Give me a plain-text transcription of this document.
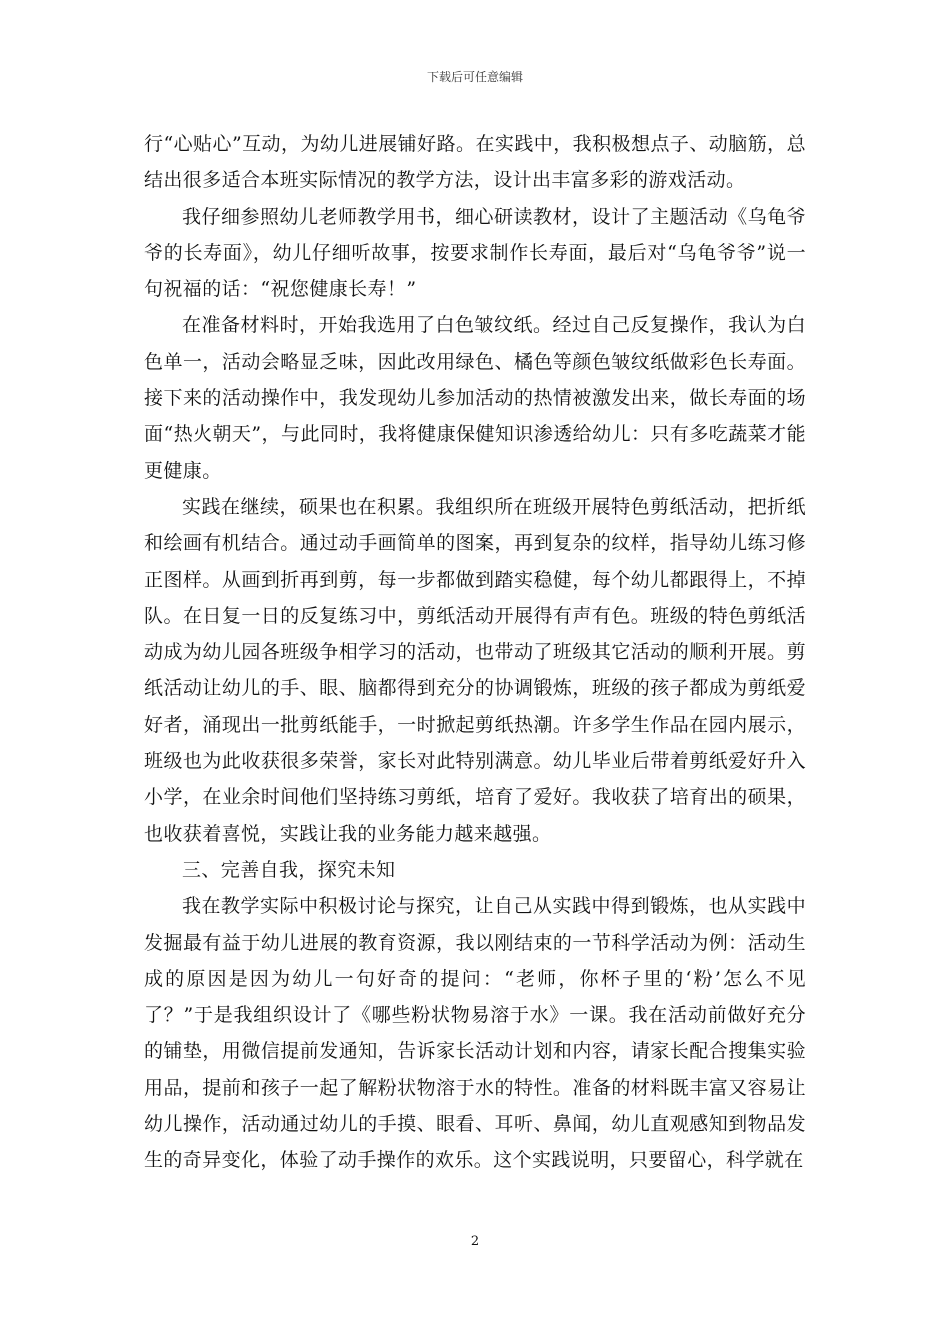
下载后可任意编辑

行“心贴心”互动，为幼儿进展铺好路。在实践中，我积极想点子、动脑筋，总结出很多适合本班实际情况的教学方法，设计出丰富多彩的游戏活动。

我仔细参照幼儿老师教学用书，细心研读教材，设计了主题活动《乌龟爷爷的长寿面》，幼儿仔细听故事，按要求制作长寿面，最后对“乌龟爷爷”说一句祝福的话：“祝您健康长寿！”

在准备材料时，开始我选用了白色皱纹纸。经过自己反复操作，我认为白色单一，活动会略显乏味，因此改用绿色、橘色等颜色皱纹纸做彩色长寿面。接下来的活动操作中，我发现幼儿参加活动的热情被激发出来，做长寿面的场面“热火朝天”，与此同时，我将健康保健知识渗透给幼儿：只有多吃蔬菜才能更健康。

实践在继续，硕果也在积累。我组织所在班级开展特色剪纸活动，把折纸和绘画有机结合。通过动手画简单的图案，再到复杂的纹样，指导幼儿练习修正图样。从画到折再到剪，每一步都做到踏实稳健，每个幼儿都跟得上，不掉队。在日复一日的反复练习中，剪纸活动开展得有声有色。班级的特色剪纸活动成为幼儿园各班级争相学习的活动，也带动了班级其它活动的顺利开展。剪纸活动让幼儿的手、眼、脑都得到充分的协调锻炼，班级的孩子都成为剪纸爱好者，涌现出一批剪纸能手，一时掀起剪纸热潮。许多学生作品在园内展示，班级也为此收获很多荣誉，家长对此特别满意。幼儿毕业后带着剪纸爱好升入小学，在业余时间他们坚持练习剪纸，培育了爱好。我收获了培育出的硕果，也收获着喜悦，实践让我的业务能力越来越强。

三、完善自我，探究未知

我在教学实际中积极讨论与探究，让自己从实践中得到锻炼，也从实践中发掘最有益于幼儿进展的教育资源，我以刚结束的一节科学活动为例：活动生成的原因是因为幼儿一句好奇的提问：“老师，你杯子里的‘粉’怎么不见了？”于是我组织设计了《哪些粉状物易溶于水》一课。我在活动前做好充分的铺垫，用微信提前发通知，告诉家长活动计划和内容，请家长配合搜集实验用品，提前和孩子一起了解粉状物溶于水的特性。准备的材料既丰富又容易让幼儿操作，活动通过幼儿的手摸、眼看、耳听、鼻闻，幼儿直观感知到物品发生的奇异变化，体验了动手操作的欢乐。这个实践说明，只要留心，科学就在

2
